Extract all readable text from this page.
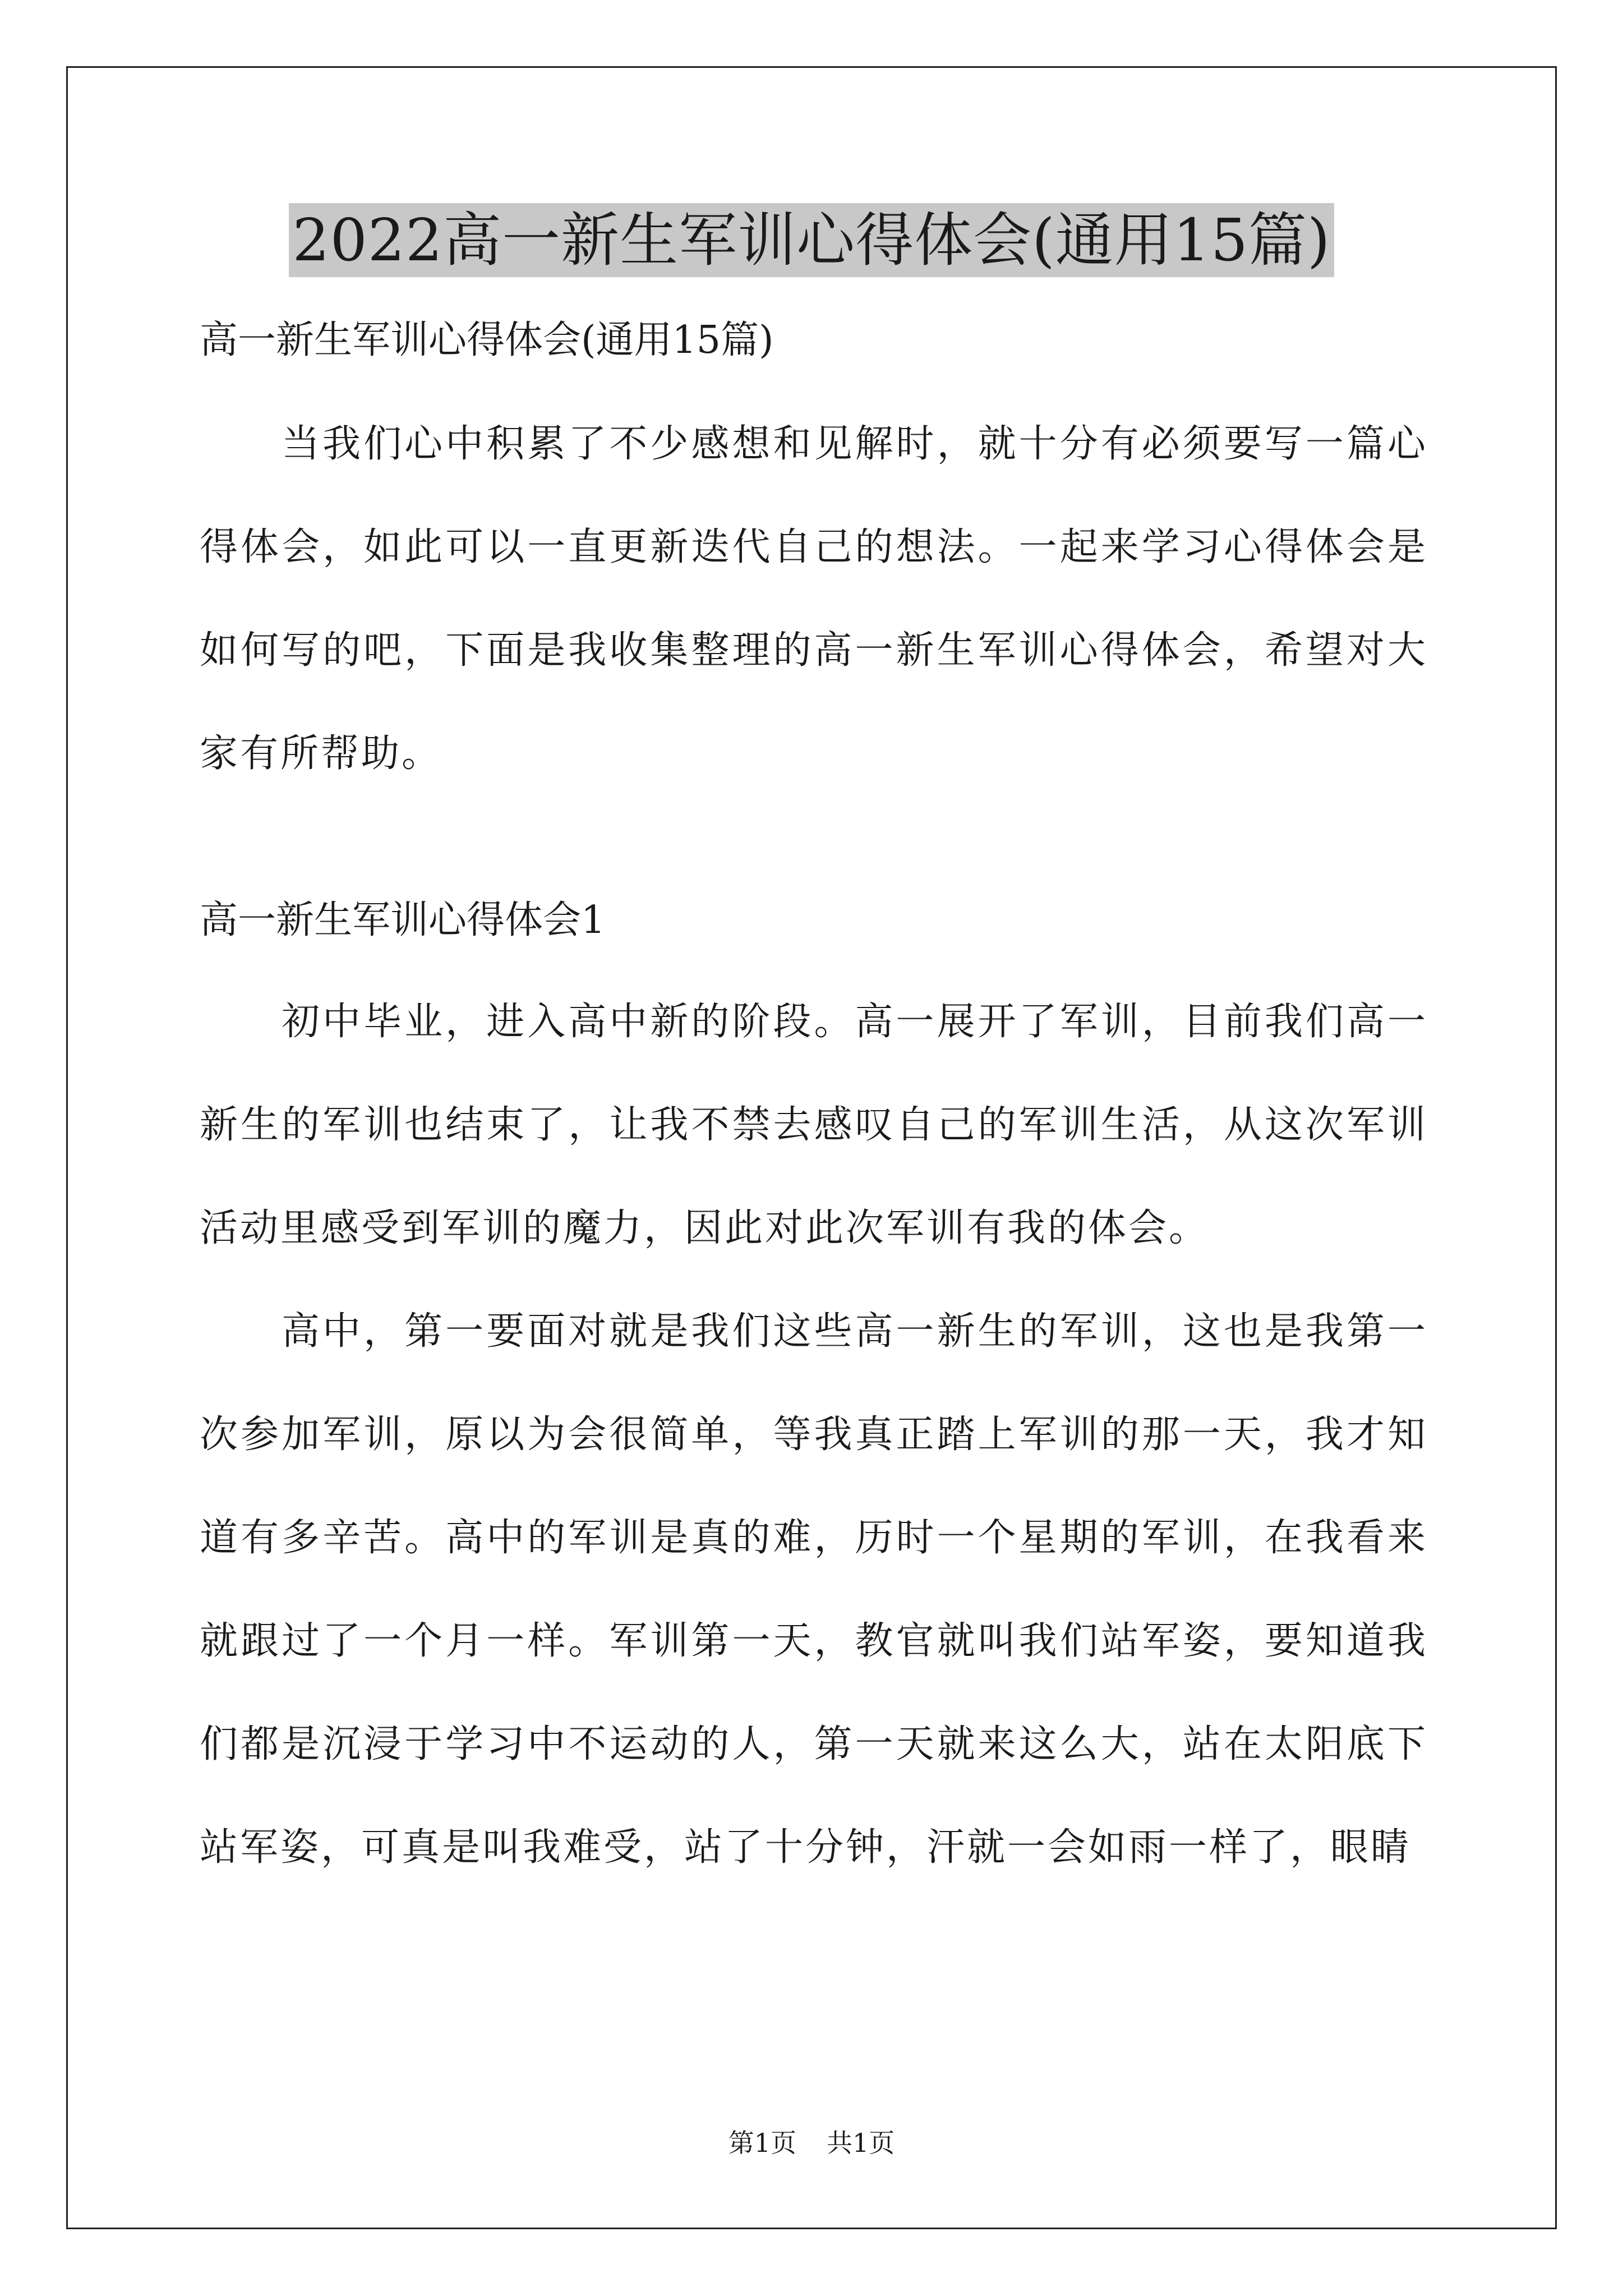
2022高一新生军训心得体会(通用15篇)

高一新生军训心得体会(通用15篇)

当我们心中积累了不少感想和见解时，就十分有必须要写一篇心得体会，如此可以一直更新迭代自己的想法。一起来学习心得体会是如何写的吧，下面是我收集整理的高一新生军训心得体会，希望对大家有所帮助。

高一新生军训心得体会1

初中毕业，进入高中新的阶段。高一展开了军训，目前我们高一新生的军训也结束了，让我不禁去感叹自己的军训生活，从这次军训活动里感受到军训的魔力，因此对此次军训有我的体会。

高中，第一要面对就是我们这些高一新生的军训，这也是我第一次参加军训，原以为会很简单，等我真正踏上军训的那一天，我才知道有多辛苦。高中的军训是真的难，历时一个星期的军训，在我看来就跟过了一个月一样。军训第一天，教官就叫我们站军姿，要知道我们都是沉浸于学习中不运动的人，第一天就来这么大，站在太阳底下站军姿，可真是叫我难受，站了十分钟，汗就一会如雨一样了，眼睛

第1页 共1页
